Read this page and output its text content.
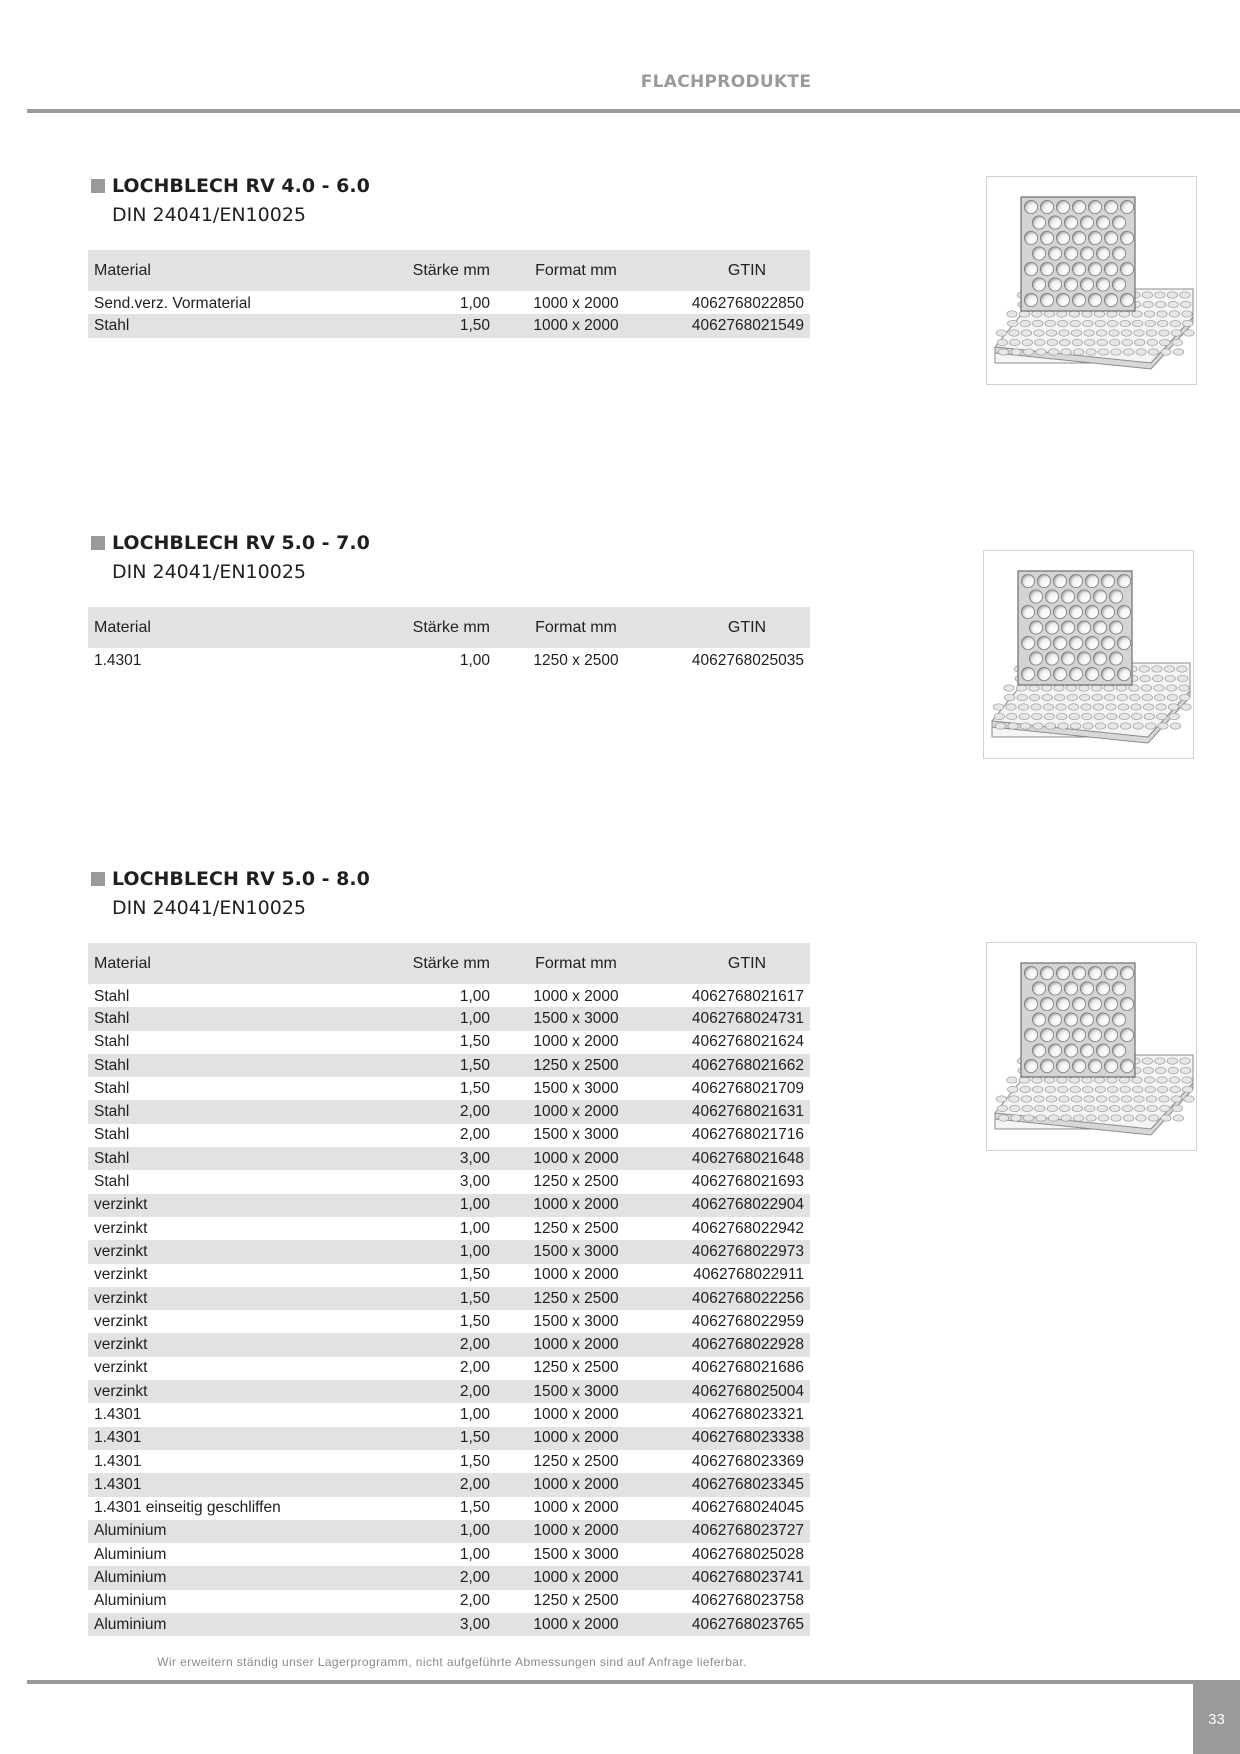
FLACHPRODUKTE
LOCHBLECH RV 4.0 - 6.0
DIN 24041/EN10025
Material	Stärke mm	Format mm	GTIN
Send.verz. Vormaterial	1,00	1000 x 2000	4062768022850
Stahl	1,50	1000 x 2000	4062768021549
LOCHBLECH RV 5.0 - 7.0
DIN 24041/EN10025
Material	Stärke mm	Format mm	GTIN
1.4301	1,00	1250 x 2500	4062768025035
LOCHBLECH RV 5.0 - 8.0
DIN 24041/EN10025
Material	Stärke mm	Format mm	GTIN
Stahl	1,00	1000 x 2000	4062768021617
Stahl	1,00	1500 x 3000	4062768024731
Stahl	1,50	1000 x 2000	4062768021624
Stahl	1,50	1250 x 2500	4062768021662
Stahl	1,50	1500 x 3000	4062768021709
Stahl	2,00	1000 x 2000	4062768021631
Stahl	2,00	1500 x 3000	4062768021716
Stahl	3,00	1000 x 2000	4062768021648
Stahl	3,00	1250 x 2500	4062768021693
verzinkt	1,00	1000 x 2000	4062768022904
verzinkt	1,00	1250 x 2500	4062768022942
verzinkt	1,00	1500 x 3000	4062768022973
verzinkt	1,50	1000 x 2000	4062768022911
verzinkt	1,50	1250 x 2500	4062768022256
verzinkt	1,50	1500 x 3000	4062768022959
verzinkt	2,00	1000 x 2000	4062768022928
verzinkt	2,00	1250 x 2500	4062768021686
verzinkt	2,00	1500 x 3000	4062768025004
1.4301	1,00	1000 x 2000	4062768023321
1.4301	1,50	1000 x 2000	4062768023338
1.4301	1,50	1250 x 2500	4062768023369
1.4301	2,00	1000 x 2000	4062768023345
1.4301 einseitig geschliffen	1,50	1000 x 2000	4062768024045
Aluminium	1,00	1000 x 2000	4062768023727
Aluminium	1,00	1500 x 3000	4062768025028
Aluminium	2,00	1000 x 2000	4062768023741
Aluminium	2,00	1250 x 2500	4062768023758
Aluminium	3,00	1000 x 2000	4062768023765
Wir erweitern ständig unser Lagerprogramm, nicht aufgeführte Abmessungen sind auf Anfrage lieferbar.
33
